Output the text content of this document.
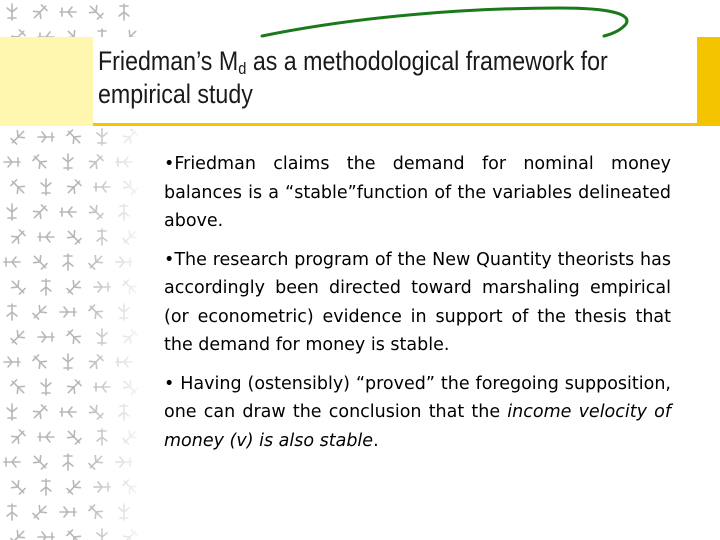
Friedman’s $M_d$ as a methodological framework for empirical study

•Friedman claims the demand for nominal money balances is a “stable”function of the variables delineated above.

•The research program of the New Quantity theorists has accordingly been directed toward marshaling empirical (or econometric) evidence in support of the thesis that the demand for money is stable.

• Having (ostensibly) “proved” the foregoing supposition, one can draw the conclusion that the income velocity of money (v) is also stable.
